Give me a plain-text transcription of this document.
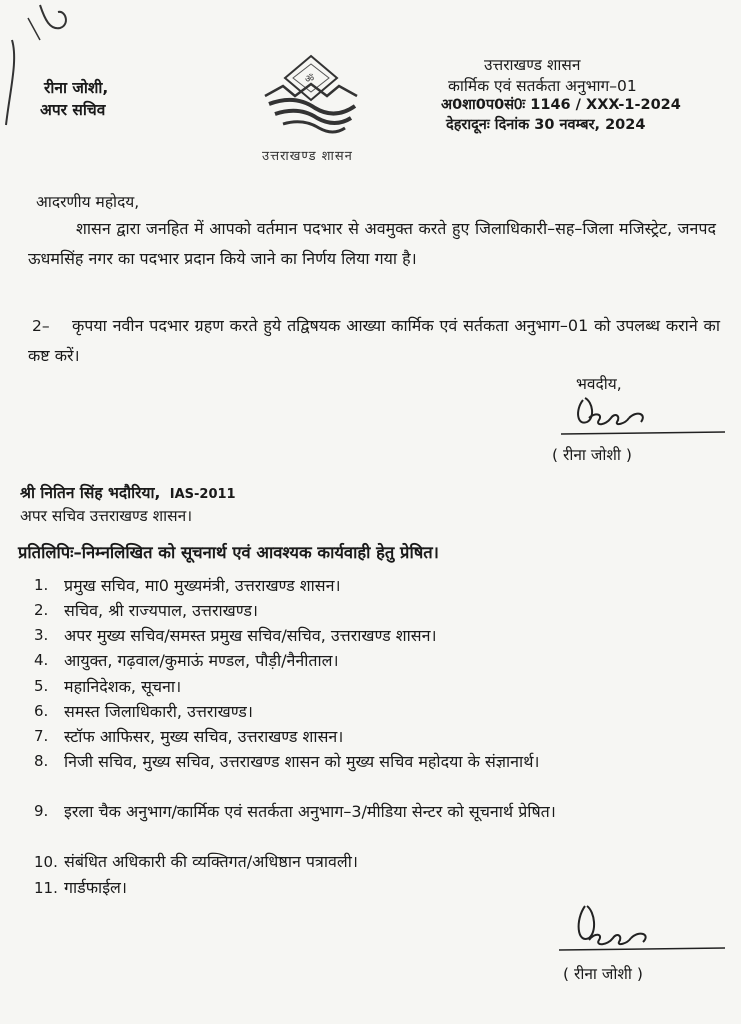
रीना जोशी,
अपर सचिव
ॐ
उत्तराखण्ड शासन
उत्तराखण्ड शासन
कार्मिक एवं सतर्कता अनुभाग–01
अ0शा0प0सं0ः 1146 / XXX-1-2024
देहरादूनः दिनांक 30 नवम्बर, 2024
आदरणीय महोदय,
शासन द्वारा जनहित में आपको वर्तमान पदभार से अवमुक्त करते हुए जिलाधिकारी–सह–जिला मजिस्ट्रेट, जनपद ऊधमसिंह नगर का पदभार प्रदान किये जाने का निर्णय लिया गया है।
2–	कृपया नवीन पदभार ग्रहण करते हुये तद्विषयक आख्या कार्मिक एवं सर्तकता अनुभाग–01 को उपलब्ध कराने का कष्ट करें।
भवदीय,
( रीना जोशी )
श्री नितिन सिंह भदौरिया, IAS-2011
अपर सचिव उत्तराखण्ड शासन।
प्रतिलिपिः–निम्नलिखित को सूचनार्थ एवं आवश्यक कार्यवाही हेतु प्रेषित।
1. प्रमुख सचिव, मा0 मुख्यमंत्री, उत्तराखण्ड शासन।
2. सचिव, श्री राज्यपाल, उत्तराखण्ड।
3. अपर मुख्य सचिव/समस्त प्रमुख सचिव/सचिव, उत्तराखण्ड शासन।
4. आयुक्त, गढ़वाल/कुमाऊं मण्डल, पौड़ी/नैनीताल।
5. महानिदेशक, सूचना।
6. समस्त जिलाधिकारी, उत्तराखण्ड।
7. स्टॉफ आफिसर, मुख्य सचिव, उत्तराखण्ड शासन।
8. निजी सचिव, मुख्य सचिव, उत्तराखण्ड शासन को मुख्य सचिव महोदया के संज्ञानार्थ।
9. इरला चैक अनुभाग/कार्मिक एवं सतर्कता अनुभाग–3/मीडिया सेन्टर को सूचनार्थ प्रेषित।
10. संबंधित अधिकारी की व्यक्तिगत/अधिष्ठान पत्रावली।
11. गार्डफाईल।
( रीना जोशी )
